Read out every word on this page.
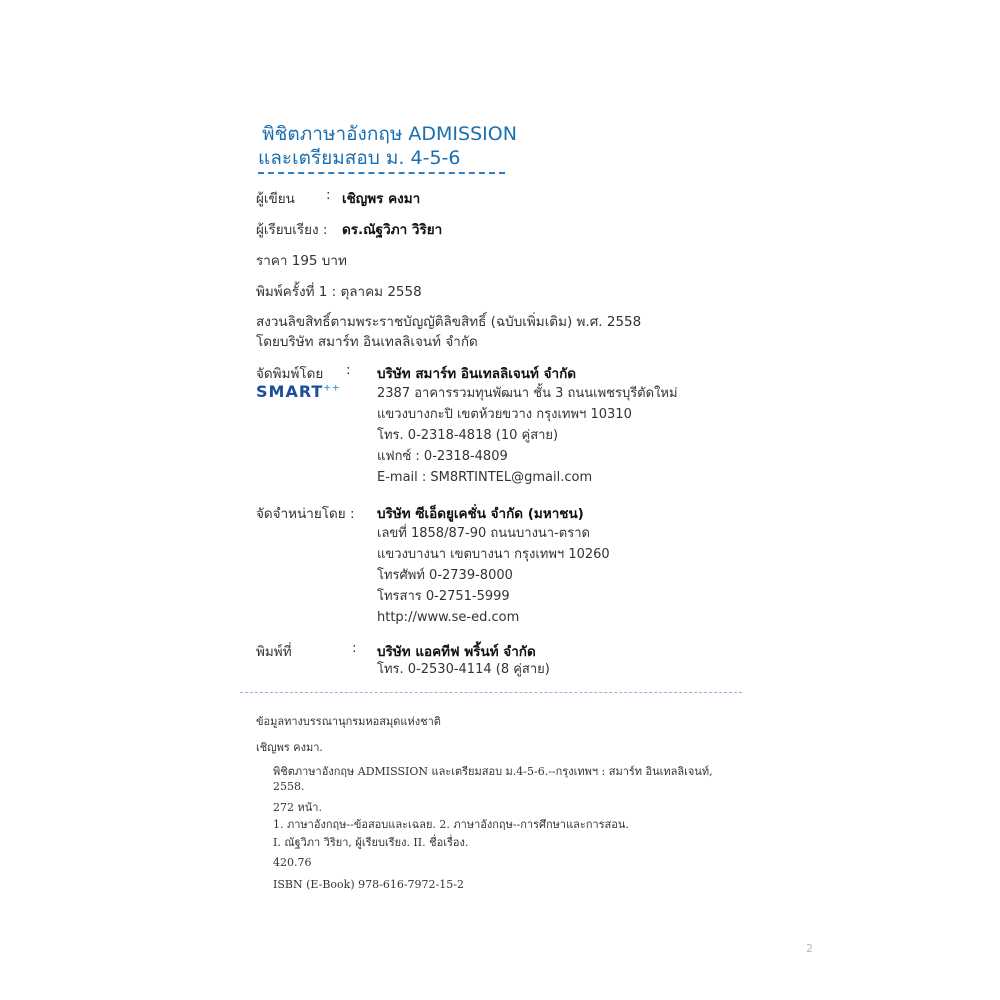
พิชิตภาษาอังกฤษ ADMISSION
และเตรียมสอบ ม. 4-5-6
ผู้เขียน : เชิญพร คงมา
ผู้เรียบเรียง : ดร.ณัฐวิภา วิริยา
ราคา 195 บาท
พิมพ์ครั้งที่ 1 : ตุลาคม 2558
สงวนลิขสิทธิ์ตามพระราชบัญญัติลิขสิทธิ์ (ฉบับเพิ่มเติม) พ.ศ. 2558
โดยบริษัท สมาร์ท อินเทลลิเจนท์ จำกัด
จัดพิมพ์โดย :
SMART++
บริษัท สมาร์ท อินเทลลิเจนท์ จำกัด
2387 อาคารรวมทุนพัฒนา ชั้น 3 ถนนเพชรบุรีตัดใหม่
แขวงบางกะปิ เขตห้วยขวาง กรุงเทพฯ 10310
โทร. 0-2318-4818 (10 คู่สาย)
แฟกซ์ : 0-2318-4809
E-mail : SM8RTINTEL@gmail.com
จัดจำหน่ายโดย : บริษัท ซีเอ็ดยูเคชั่น จำกัด (มหาชน)
เลขที่ 1858/87-90 ถนนบางนา-ตราด
แขวงบางนา เขตบางนา กรุงเทพฯ 10260
โทรศัพท์ 0-2739-8000
โทรสาร 0-2751-5999
http://www.se-ed.com
พิมพ์ที่	: บริษัท แอคทีฟ พริ้นท์ จำกัด
โทร. 0-2530-4114 (8 คู่สาย)
ข้อมูลทางบรรณานุกรมหอสมุดแห่งชาติ
เชิญพร คงมา.
พิชิตภาษาอังกฤษ ADMISSION และเตรียมสอบ ม.4-5-6.--กรุงเทพฯ : สมาร์ท อินเทลลิเจนท์,
2558.
272 หน้า.
1. ภาษาอังกฤษ--ข้อสอบและเฉลย. 2. ภาษาอังกฤษ--การศึกษาและการสอน.
I. ณัฐวิภา วิริยา, ผู้เรียบเรียง. II. ชื่อเรื่อง.
420.76
ISBN (E-Book) 978-616-7972-15-2
2
